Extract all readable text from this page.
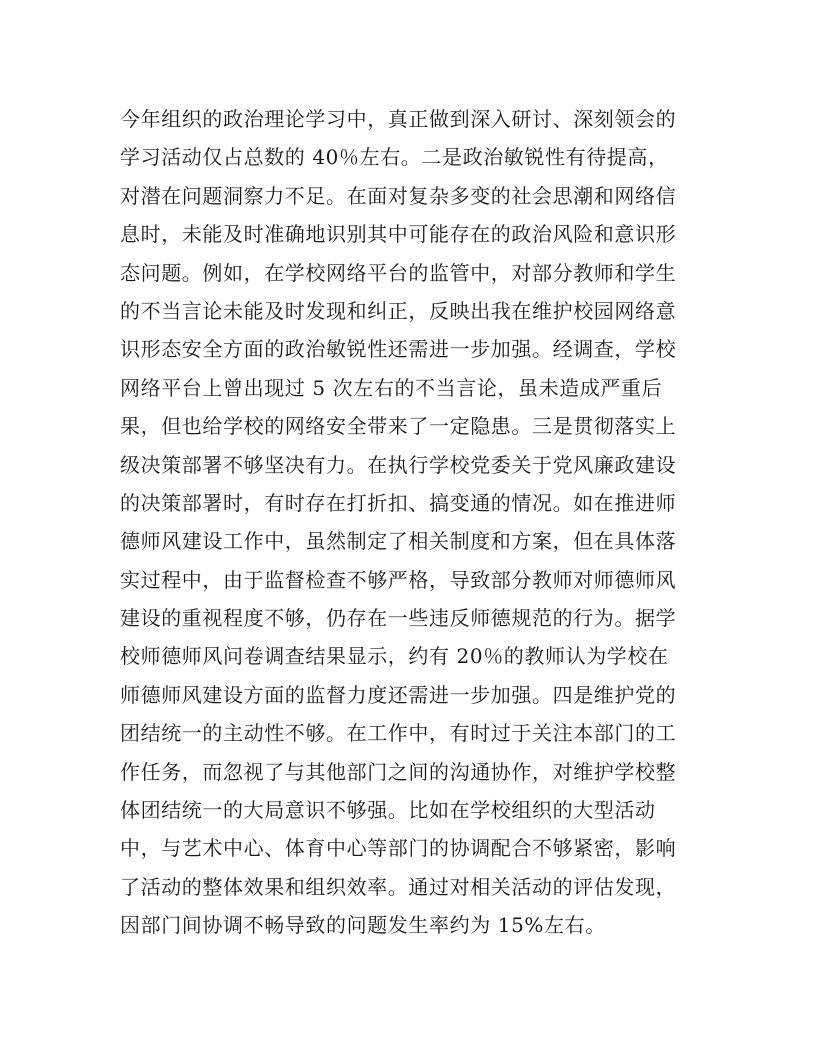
今年组织的政治理论学习中，真正做到深入研讨、深刻领会的
学习活动仅占总数的 40％左右。二是政治敏锐性有待提高，
对潜在问题洞察力不足。在面对复杂多变的社会思潮和网络信
息时，未能及时准确地识别其中可能存在的政治风险和意识形
态问题。例如，在学校网络平台的监管中，对部分教师和学生
的不当言论未能及时发现和纠正，反映出我在维护校园网络意
识形态安全方面的政治敏锐性还需进一步加强。经调查，学校
网络平台上曾出现过 5 次左右的不当言论，虽未造成严重后
果，但也给学校的网络安全带来了一定隐患。三是贯彻落实上
级决策部署不够坚决有力。在执行学校党委关于党风廉政建设
的决策部署时，有时存在打折扣、搞变通的情况。如在推进师
德师风建设工作中，虽然制定了相关制度和方案，但在具体落
实过程中，由于监督检查不够严格，导致部分教师对师德师风
建设的重视程度不够，仍存在一些违反师德规范的行为。据学
校师德师风问卷调查结果显示，约有 20％的教师认为学校在
师德师风建设方面的监督力度还需进一步加强。四是维护党的
团结统一的主动性不够。在工作中，有时过于关注本部门的工
作任务，而忽视了与其他部门之间的沟通协作，对维护学校整
体团结统一的大局意识不够强。比如在学校组织的大型活动
中，与艺术中心、体育中心等部门的协调配合不够紧密，影响
了活动的整体效果和组织效率。通过对相关活动的评估发现，
因部门间协调不畅导致的问题发生率约为 15%左右。
